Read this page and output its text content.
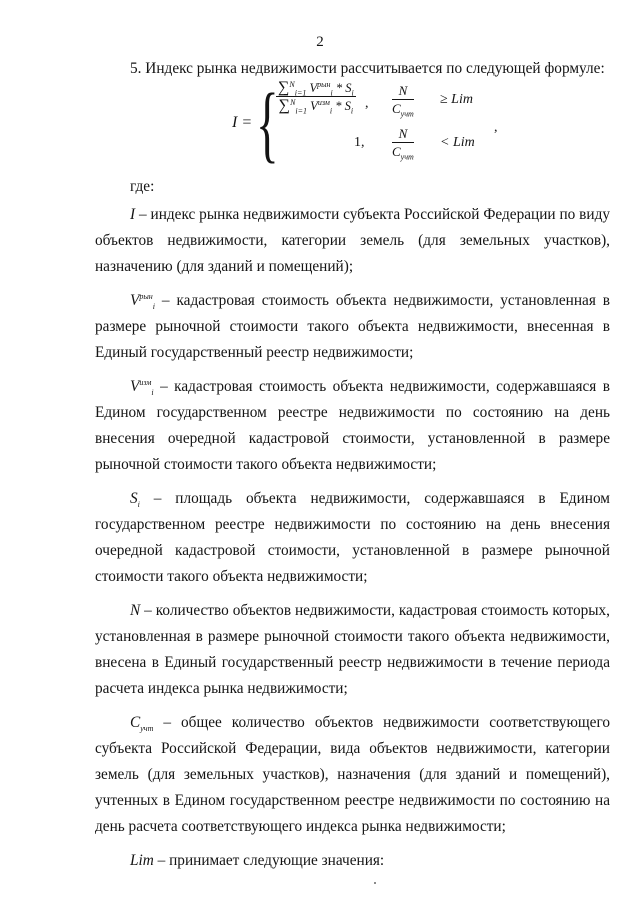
2
5. Индекс рынка недвижимости рассчитывается по следующей формуле:
I = { ∑$^N_{i=1}$ $V^{рын}_i * S_i$
∑$^N_{i=1}$ $V^{изм}_i * S_i$ ,
N
$C_{учт}$
≥ Lim
,
1,
N
$C_{учт}$
< Lim
где:

I – индекс рынка недвижимости субъекта Российской Федерации по виду объектов недвижимости, категории земель (для земельных участков), назначению (для зданий и помещений);

$V^{рын}_i$ – кадастровая стоимость объекта недвижимости, установленная в размере рыночной стоимости такого объекта недвижимости, внесенная в Единый государственный реестр недвижимости;

$V^{изм}_i$ – кадастровая стоимость объекта недвижимости, содержавшаяся в Едином государственном реестре недвижимости по состоянию на день внесения очередной кадастровой стоимости, установленной в размере рыночной стоимости такого объекта недвижимости;

$S_i$ – площадь объекта недвижимости, содержавшаяся в Едином государственном реестре недвижимости по состоянию на день внесения очередной кадастровой стоимости, установленной в размере рыночной стоимости такого объекта недвижимости;

N – количество объектов недвижимости, кадастровая стоимость которых, установленная в размере рыночной стоимости такого объекта недвижимости, внесена в Единый государственный реестр недвижимости в течение периода расчета индекса рынка недвижимости;

$C_{учт}$ – общее количество объектов недвижимости соответствующего субъекта Российской Федерации, вида объектов недвижимости, категории земель (для земельных участков), назначения (для зданий и помещений), учтенных в Едином государственном реестре недвижимости по состоянию на день расчета соответствующего индекса рынка недвижимости;

Lim – принимает следующие значения:
